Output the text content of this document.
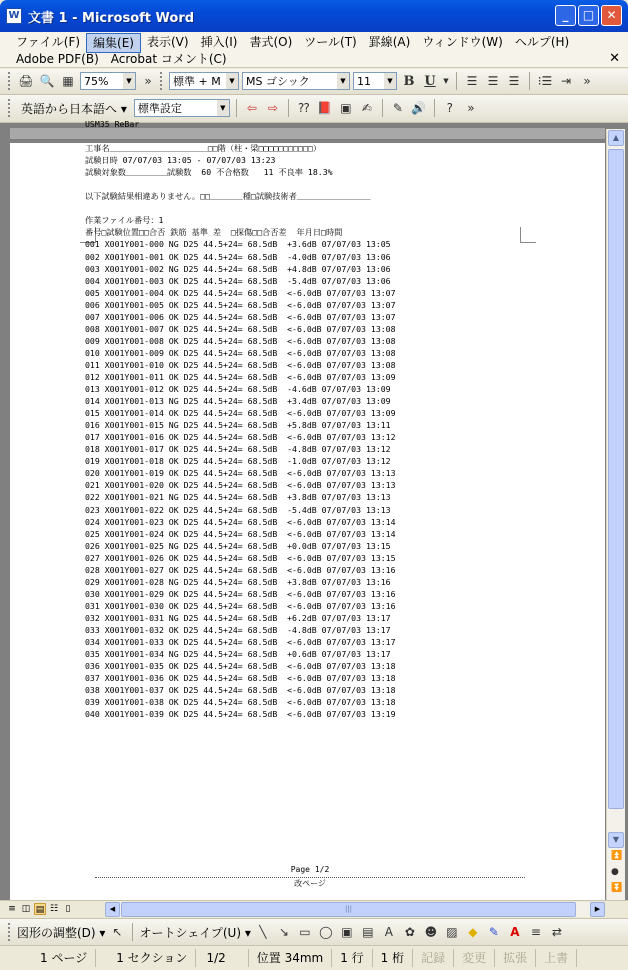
W 文書 1 - Microsoft Word	_	□	✕
ファイル(F)	編集(E)	表示(V)	挿入(I)	書式(O)	ツール(T)	罫線(A)	ウィンドウ(W)	ヘルプ(H)
Adobe PDF(B)	Acrobat コメント(C)	✕
🖨 🔍 ▦ 75%	▼	»	標準 + M	▼	MS ゴシック	▼	11	▼ B U	▼	☰ ☰ ☰	⁝☰ ⇥	»
英語から日本語へ ▾	標準設定	▼	⇦ ⇨	⁇ 📕 ▣ ✍	✎ 🔊	?	»
USM35 ReBar
工事名＿＿＿＿＿＿＿＿＿＿＿＿□□階（柱・梁□□□□□□□□□□□）
試験日時 07/07/03 13:05 - 07/07/03 13:23
試験対象数＿＿＿＿＿試験数  60 不合格数   11 不良率 18.3%
以下試験結果相違ありません。□□＿＿＿＿種□試験技術者＿＿＿＿＿＿＿＿＿
作業ファイル番号：1
番号□試験位置□□合否 鉄筋 基準 差  □探傷□□合否差  年月日□時間
001 X001Y001-000 NG D25 44.5+24= 68.5dB  +3.6dB 07/07/03 13:05
002 X001Y001-001 OK D25 44.5+24= 68.5dB  -4.0dB 07/07/03 13:06
003 X001Y001-002 NG D25 44.5+24= 68.5dB  +4.8dB 07/07/03 13:06
004 X001Y001-003 OK D25 44.5+24= 68.5dB  -5.4dB 07/07/03 13:06
005 X001Y001-004 OK D25 44.5+24= 68.5dB  <-6.0dB 07/07/03 13:07
006 X001Y001-005 OK D25 44.5+24= 68.5dB  <-6.0dB 07/07/03 13:07
007 X001Y001-006 OK D25 44.5+24= 68.5dB  <-6.0dB 07/07/03 13:07
008 X001Y001-007 OK D25 44.5+24= 68.5dB  <-6.0dB 07/07/03 13:08
009 X001Y001-008 OK D25 44.5+24= 68.5dB  <-6.0dB 07/07/03 13:08
010 X001Y001-009 OK D25 44.5+24= 68.5dB  <-6.0dB 07/07/03 13:08
011 X001Y001-010 OK D25 44.5+24= 68.5dB  <-6.0dB 07/07/03 13:08
012 X001Y001-011 OK D25 44.5+24= 68.5dB  <-6.0dB 07/07/03 13:09
013 X001Y001-012 OK D25 44.5+24= 68.5dB  -4.6dB 07/07/03 13:09
014 X001Y001-013 NG D25 44.5+24= 68.5dB  +3.4dB 07/07/03 13:09
015 X001Y001-014 OK D25 44.5+24= 68.5dB  <-6.0dB 07/07/03 13:09
016 X001Y001-015 NG D25 44.5+24= 68.5dB  +5.8dB 07/07/03 13:11
017 X001Y001-016 OK D25 44.5+24= 68.5dB  <-6.0dB 07/07/03 13:12
018 X001Y001-017 OK D25 44.5+24= 68.5dB  -4.8dB 07/07/03 13:12
019 X001Y001-018 OK D25 44.5+24= 68.5dB  -1.0dB 07/07/03 13:12
020 X001Y001-019 OK D25 44.5+24= 68.5dB  <-6.0dB 07/07/03 13:13
021 X001Y001-020 OK D25 44.5+24= 68.5dB  <-6.0dB 07/07/03 13:13
022 X001Y001-021 NG D25 44.5+24= 68.5dB  +3.8dB 07/07/03 13:13
023 X001Y001-022 OK D25 44.5+24= 68.5dB  -5.4dB 07/07/03 13:13
024 X001Y001-023 OK D25 44.5+24= 68.5dB  <-6.0dB 07/07/03 13:14
025 X001Y001-024 OK D25 44.5+24= 68.5dB  <-6.0dB 07/07/03 13:14
026 X001Y001-025 NG D25 44.5+24= 68.5dB  +0.0dB 07/07/03 13:15
027 X001Y001-026 OK D25 44.5+24= 68.5dB  <-6.0dB 07/07/03 13:15
028 X001Y001-027 OK D25 44.5+24= 68.5dB  <-6.0dB 07/07/03 13:16
029 X001Y001-028 NG D25 44.5+24= 68.5dB  +3.8dB 07/07/03 13:16
030 X001Y001-029 OK D25 44.5+24= 68.5dB  <-6.0dB 07/07/03 13:16
031 X001Y001-030 OK D25 44.5+24= 68.5dB  <-6.0dB 07/07/03 13:16
032 X001Y001-031 NG D25 44.5+24= 68.5dB  +6.2dB 07/07/03 13:17
033 X001Y001-032 OK D25 44.5+24= 68.5dB  -4.8dB 07/07/03 13:17
034 X001Y001-033 OK D25 44.5+24= 68.5dB  <-6.0dB 07/07/03 13:17
035 X001Y001-034 NG D25 44.5+24= 68.5dB  +0.6dB 07/07/03 13:17
036 X001Y001-035 OK D25 44.5+24= 68.5dB  <-6.0dB 07/07/03 13:18
037 X001Y001-036 OK D25 44.5+24= 68.5dB  <-6.0dB 07/07/03 13:18
038 X001Y001-037 OK D25 44.5+24= 68.5dB  <-6.0dB 07/07/03 13:18
039 X001Y001-038 OK D25 44.5+24= 68.5dB  <-6.0dB 07/07/03 13:18
040 X001Y001-039 OK D25 44.5+24= 68.5dB  <-6.0dB 07/07/03 13:19
Page 1/2
改ページ
▲
▼
⏫
●
⏬
≡ ◫ ▤ ☷ ▯	◀	|||	▶
図形の調整(D) ▾ ↖	オートシェイプ(U) ▾ ╲	↘ ▭ ◯ ▣ ▤ A ✿ ☻ ▨ ◆ ✎ A ≡ ⇄
1 ページ	1 セクション	1/2	位置 34mm	1 行	1 桁	記録	変更	拡張	上書
